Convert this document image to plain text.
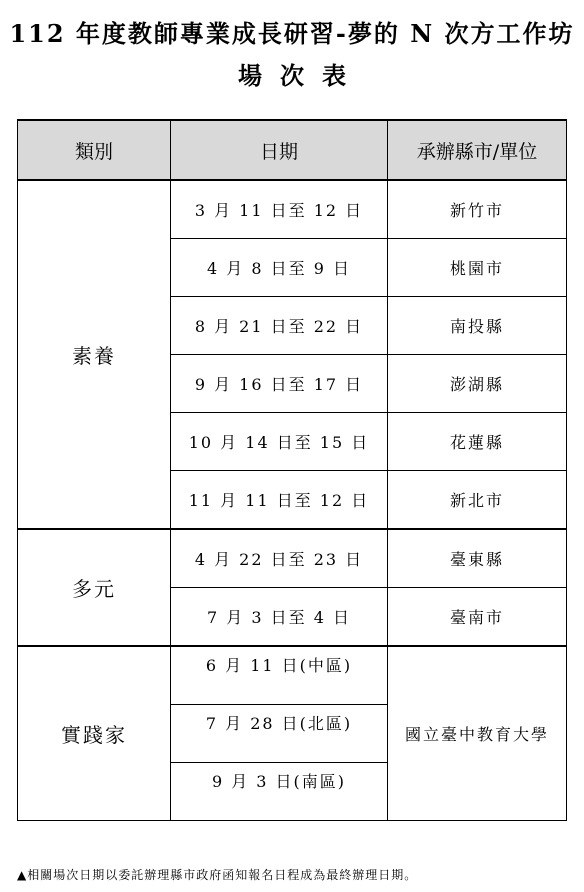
112 年度教師專業成長研習-夢的 N 次方工作坊
場次表
類別	日期	承辦縣市/單位
素養	3 月 11 日至 12 日	新竹市
	4 月 8 日至 9 日	桃園市
	8 月 21 日至 22 日	南投縣
	9 月 16 日至 17 日	澎湖縣
	10 月 14 日至 15 日	花蓮縣
	11 月 11 日至 12 日	新北市
多元	4 月 22 日至 23 日	臺東縣
	7 月 3 日至 4 日	臺南市
實踐家	6 月 11 日(中區)	國立臺中教育大學
	7 月 28 日(北區)	
	9 月 3 日(南區)	
▲相關場次日期以委託辦理縣市政府函知報名日程成為最終辦理日期。
